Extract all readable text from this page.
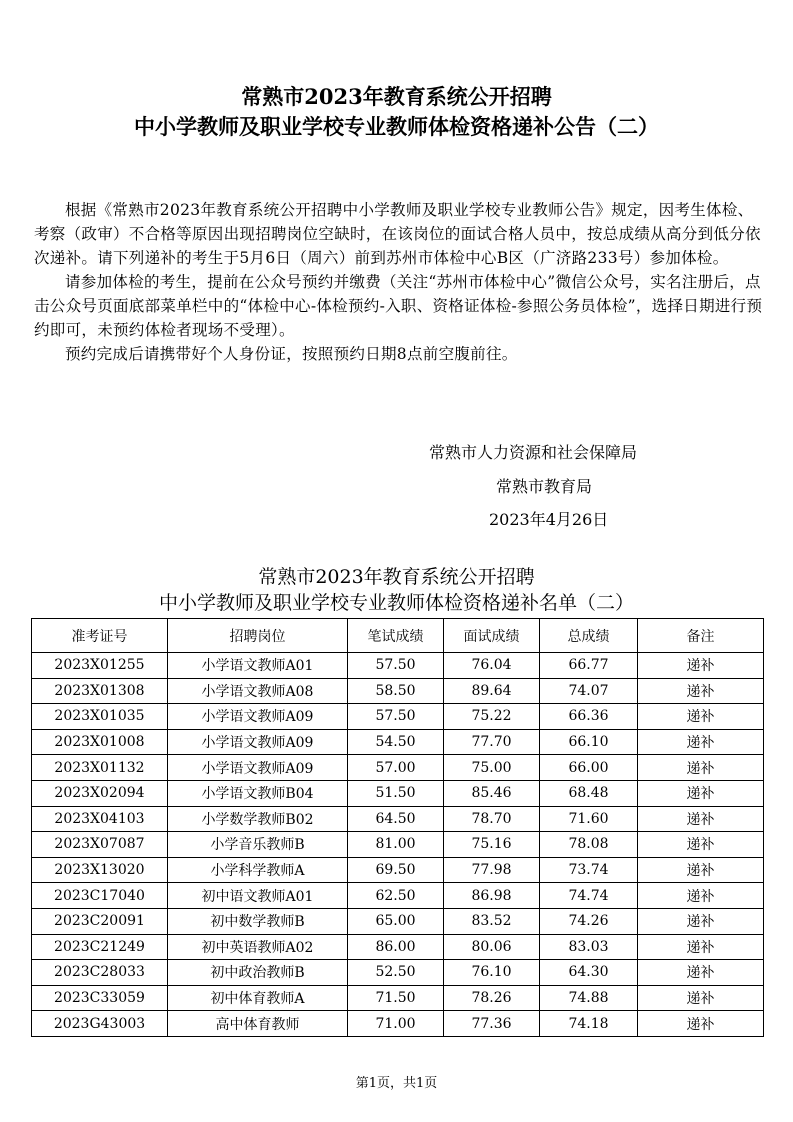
常熟市2023年教育系统公开招聘
中小学教师及职业学校专业教师体检资格递补公告（二）

根据《常熟市2023年教育系统公开招聘中小学教师及职业学校专业教师公告》规定，因考生体检、考察（政审）不合格等原因出现招聘岗位空缺时，在该岗位的面试合格人员中，按总成绩从高分到低分依次递补。请下列递补的考生于5月6日（周六）前到苏州市体检中心B区（广济路233号）参加体检。

请参加体检的考生，提前在公众号预约并缴费（关注“苏州市体检中心”微信公众号，实名注册后，点击公众号页面底部菜单栏中的“体检中心-体检预约-入职、资格证体检-参照公务员体检”，选择日期进行预约即可，未预约体检者现场不受理）。

预约完成后请携带好个人身份证，按照预约日期8点前空腹前往。

常熟市人力资源和社会保障局
常熟市教育局
2023年4月26日
常熟市2023年教育系统公开招聘
中小学教师及职业学校专业教师体检资格递补名单（二）
准考证号	招聘岗位	笔试成绩	面试成绩	总成绩	备注
2023X01255	小学语文教师A01	57.50	76.04	66.77	递补
2023X01308	小学语文教师A08	58.50	89.64	74.07	递补
2023X01035	小学语文教师A09	57.50	75.22	66.36	递补
2023X01008	小学语文教师A09	54.50	77.70	66.10	递补
2023X01132	小学语文教师A09	57.00	75.00	66.00	递补
2023X02094	小学语文教师B04	51.50	85.46	68.48	递补
2023X04103	小学数学教师B02	64.50	78.70	71.60	递补
2023X07087	小学音乐教师B	81.00	75.16	78.08	递补
2023X13020	小学科学教师A	69.50	77.98	73.74	递补
2023C17040	初中语文教师A01	62.50	86.98	74.74	递补
2023C20091	初中数学教师B	65.00	83.52	74.26	递补
2023C21249	初中英语教师A02	86.00	80.06	83.03	递补
2023C28033	初中政治教师B	52.50	76.10	64.30	递补
2023C33059	初中体育教师A	71.50	78.26	74.88	递补
2023G43003	高中体育教师	71.00	77.36	74.18	递补
第1页，共1页
